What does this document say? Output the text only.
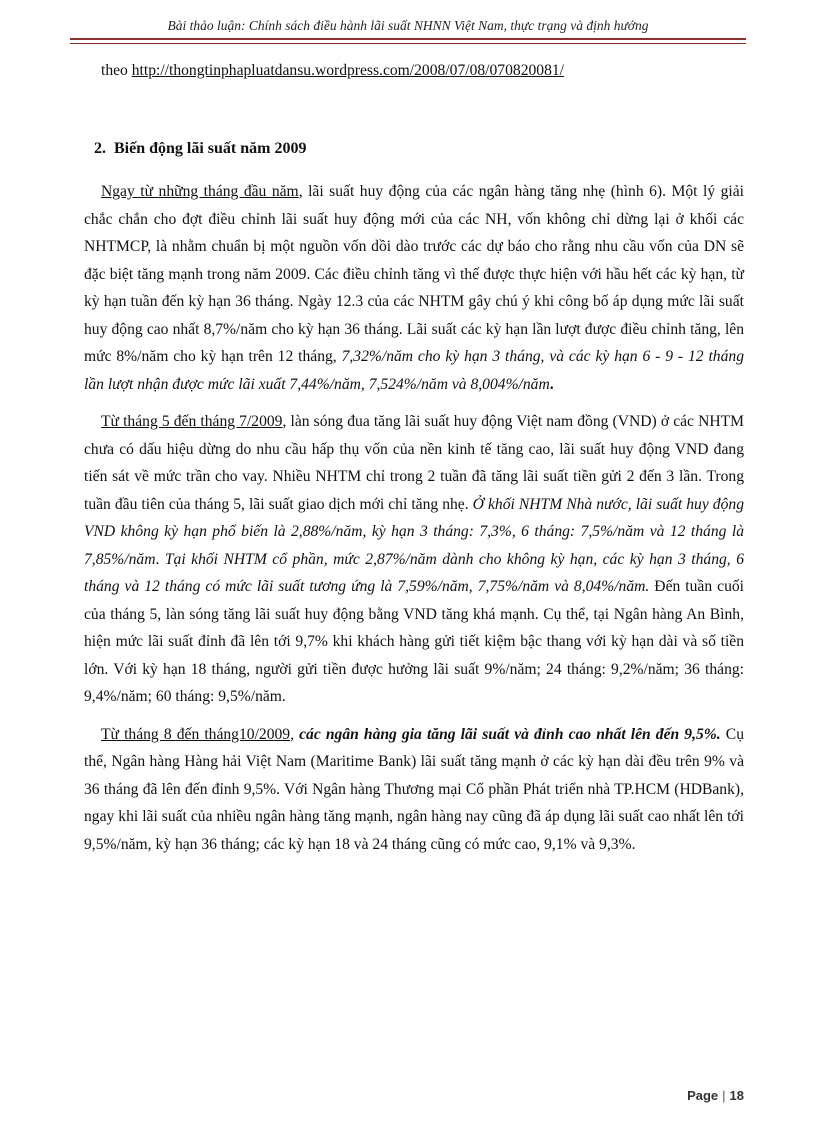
Bài thảo luận: Chính sách điều hành lãi suất NHNN Việt Nam, thực trạng và định hướng

theo http://thongtinphapluatdansu.wordpress.com/2008/07/08/070820081/

2. Biến động lãi suất năm 2009

Ngay từ những tháng đầu năm, lãi suất huy động của các ngân hàng tăng nhẹ (hình 6). Một lý giải chắc chắn cho đợt điều chỉnh lãi suất huy động mới của các NH, vốn không chỉ dừng lại ở khối các NHTMCP, là nhằm chuẩn bị một nguồn vốn dồi dào trước các dự báo cho rằng nhu cầu vốn của DN sẽ đặc biệt tăng mạnh trong năm 2009. Các điều chỉnh tăng vì thế được thực hiện với hầu hết các kỳ hạn, từ kỳ hạn tuần đến kỳ hạn 36 tháng. Ngày 12.3 của các NHTM gây chú ý khi công bố áp dụng mức lãi suất huy động cao nhất 8,7%/năm cho kỳ hạn 36 tháng. Lãi suất các kỳ hạn lần lượt được điều chỉnh tăng, lên mức 8%/năm cho kỳ hạn trên 12 tháng, 7,32%/năm cho kỳ hạn 3 tháng, và các kỳ hạn 6 - 9 - 12 tháng lần lượt nhận được mức lãi xuất 7,44%/năm, 7,524%/năm và 8,004%/năm.

Từ tháng 5 đến tháng 7/2009, làn sóng đua tăng lãi suất huy động Việt nam đồng (VND) ở các NHTM chưa có dấu hiệu dừng do nhu cầu hấp thụ vốn của nền kinh tế tăng cao, lãi suất huy động VND đang tiến sát về mức trần cho vay. Nhiều NHTM chỉ trong 2 tuần đã tăng lãi suất tiền gửi 2 đến 3 lần. Trong tuần đầu tiên của tháng 5, lãi suất giao dịch mới chỉ tăng nhẹ. Ở khối NHTM Nhà nước, lãi suất huy động VND không kỳ hạn phổ biến là 2,88%/năm, kỳ hạn 3 tháng: 7,3%, 6 tháng: 7,5%/năm và 12 tháng là 7,85%/năm. Tại khối NHTM cổ phần, mức 2,87%/năm dành cho không kỳ hạn, các kỳ hạn 3 tháng, 6 tháng và 12 tháng có mức lãi suất tương ứng là 7,59%/năm, 7,75%/năm và 8,04%/năm. Đến tuần cuối của tháng 5, làn sóng tăng lãi suất huy động bằng VND tăng khá mạnh. Cụ thể, tại Ngân hàng An Bình, hiện mức lãi suất đỉnh đã lên tới 9,7% khi khách hàng gửi tiết kiệm bậc thang với kỳ hạn dài và số tiền lớn. Với kỳ hạn 18 tháng, người gửi tiền được hưởng lãi suất 9%/năm; 24 tháng: 9,2%/năm; 36 tháng: 9,4%/năm; 60 tháng: 9,5%/năm.

Từ tháng 8 đến tháng10/2009, các ngân hàng gia tăng lãi suất và đỉnh cao nhất lên đến 9,5%. Cụ thể, Ngân hàng Hàng hải Việt Nam (Maritime Bank) lãi suất tăng mạnh ở các kỳ hạn dài đều trên 9% và 36 tháng đã lên đến đỉnh 9,5%. Với Ngân hàng Thương mại Cổ phần Phát triển nhà TP.HCM (HDBank), ngay khi lãi suất của nhiều ngân hàng tăng mạnh, ngân hàng nay cũng đã áp dụng lãi suất cao nhất lên tới 9,5%/năm, kỳ hạn 36 tháng; các kỳ hạn 18 và 24 tháng cũng có mức cao, 9,1% và 9,3%.

Page | 18
